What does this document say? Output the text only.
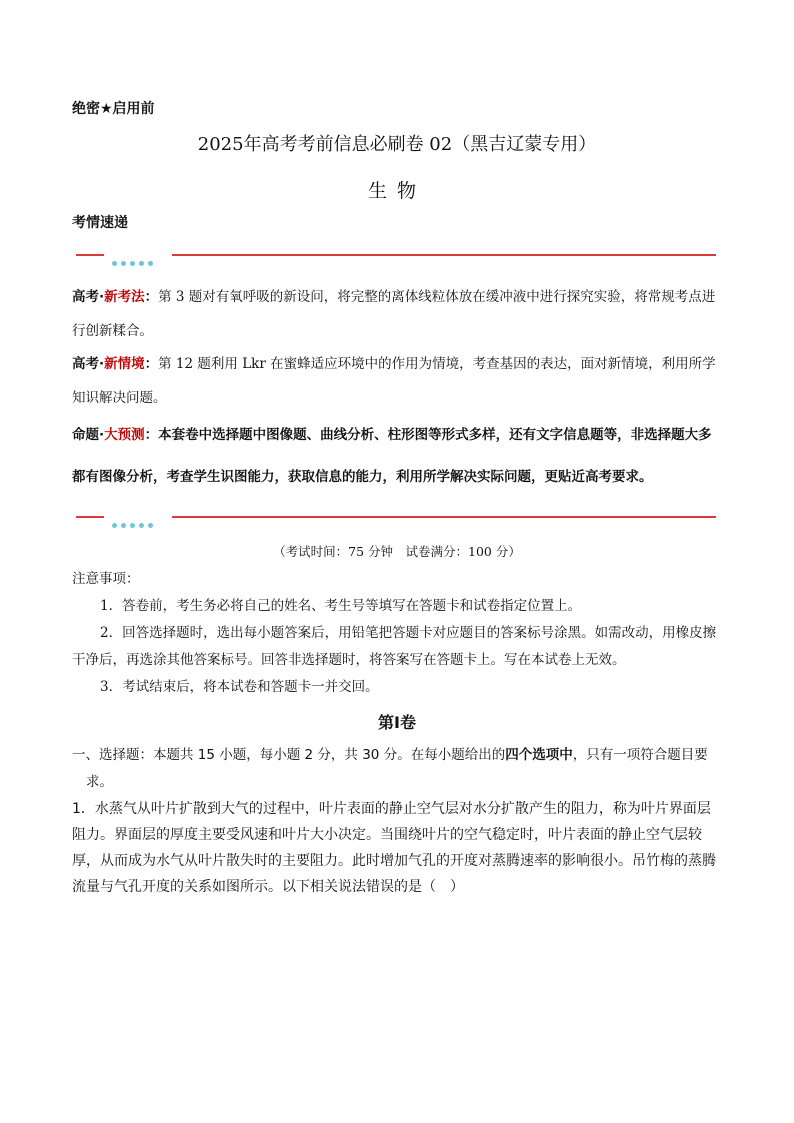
绝密★启用前
2025年高考考前信息必刷卷 02（黑吉辽蒙专用）
生物
考情速递
高考·新考法：第 3 题对有氧呼吸的新设问，将完整的离体线粒体放在缓冲液中进行探究实验，将常规考点进行创新糅合。
高考·新情境：第 12 题利用 Lkr 在蜜蜂适应环境中的作用为情境，考查基因的表达，面对新情境，利用所学知识解决问题。
命题·大预测：本套卷中选择题中图像题、曲线分析、柱形图等形式多样，还有文字信息题等，非选择题大多都有图像分析，考查学生识图能力，获取信息的能力，利用所学解决实际问题，更贴近高考要求。
（考试时间：75 分钟　试卷满分：100 分）
注意事项：
1．答卷前，考生务必将自己的姓名、考生号等填写在答题卡和试卷指定位置上。
2．回答选择题时，选出每小题答案后，用铅笔把答题卡对应题目的答案标号涂黑。如需改动，用橡皮擦干净后，再选涂其他答案标号。回答非选择题时，将答案写在答题卡上。写在本试卷上无效。
3．考试结束后，将本试卷和答题卡一并交回。
第Ⅰ卷
一、选择题：本题共 15 小题，每小题 2 分，共 30 分。在每小题给出的四个选项中，只有一项符合题目要
求。
1．水蒸气从叶片扩散到大气的过程中，叶片表面的静止空气层对水分扩散产生的阻力，称为叶片界面层阻力。界面层的厚度主要受风速和叶片大小决定。当围绕叶片的空气稳定时，叶片表面的静止空气层较厚，从而成为水气从叶片散失时的主要阻力。此时增加气孔的开度对蒸腾速率的影响很小。吊竹梅的蒸腾流量与气孔开度的关系如图所示。以下相关说法错误的是（　）
